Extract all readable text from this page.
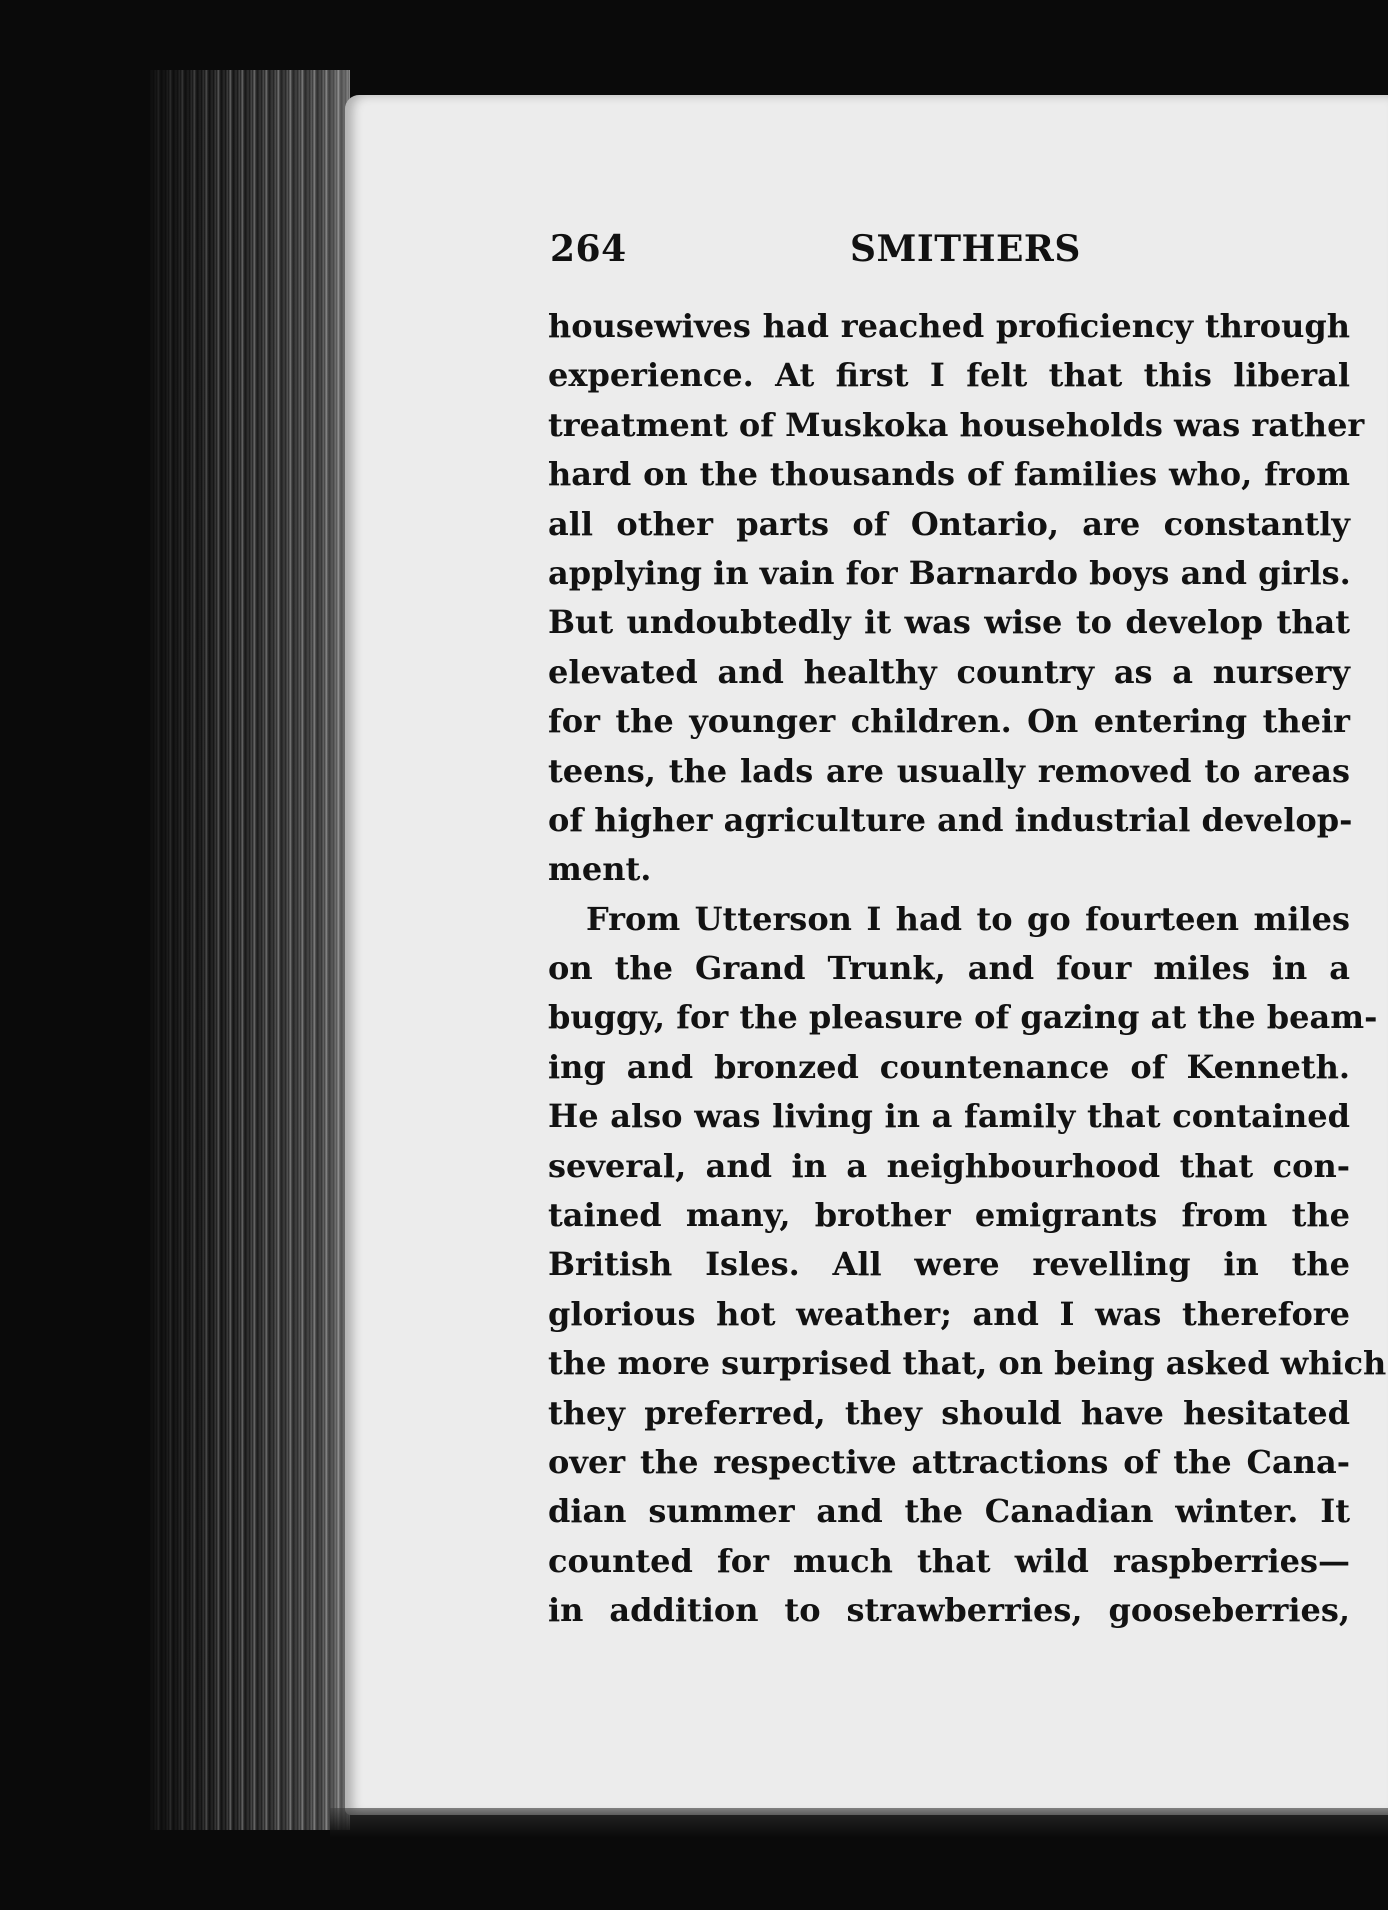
264	SMITHERS
housewives had reached proficiency through
experience. At first I felt that this liberal
treatment of Muskoka households was rather
hard on the thousands of families who, from
all other parts of Ontario, are constantly
applying in vain for Barnardo boys and girls.
But undoubtedly it was wise to develop that
elevated and healthy country as a nursery
for the younger children. On entering their
teens, the lads are usually removed to areas
of higher agriculture and industrial develop-
ment.
From Utterson I had to go fourteen miles
on the Grand Trunk, and four miles in a
buggy, for the pleasure of gazing at the beam-
ing and bronzed countenance of Kenneth.
He also was living in a family that contained
several, and in a neighbourhood that con-
tained many, brother emigrants from the
British Isles. All were revelling in the
glorious hot weather; and I was therefore
the more surprised that, on being asked which
they preferred, they should have hesitated
over the respective attractions of the Cana-
dian summer and the Canadian winter. It
counted for much that wild raspberries—
in addition to strawberries, gooseberries,
